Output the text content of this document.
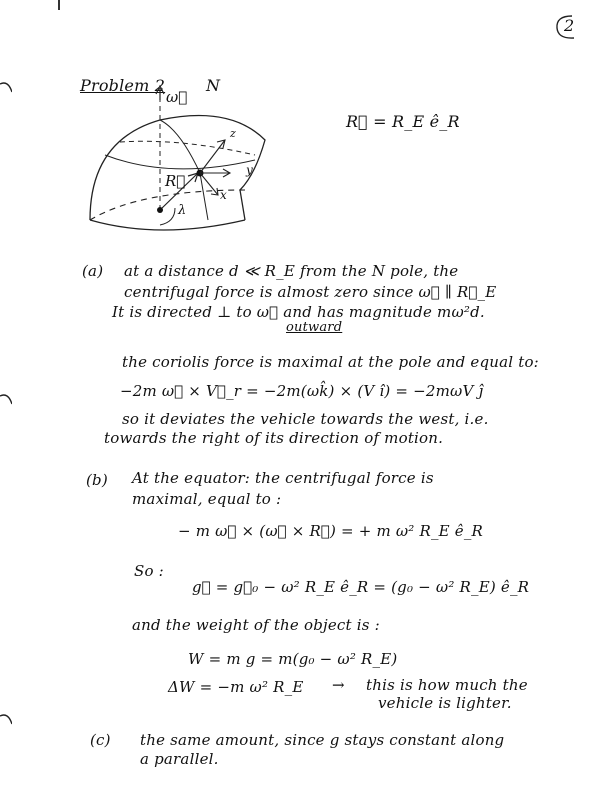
2
Problem 2	N
ω⃗
R⃗
z
y
x
λ
R⃗ = R_E ê_R
(a) at a distance d ≪ R_E from the N pole, the
centrifugal force is almost zero since ω⃗ ∥ R⃗_E
It is directed ⊥ to ω⃗ and has magnitude mω²d.
outward
the coriolis force is maximal at the pole and equal to:
−2m ω⃗ × V⃗_r = −2m(ωk̂) × (V î) = −2mωV ĵ
so it deviates the vehicle towards the west, i.e.
towards the right of its direction of motion.
(b) At the equator: the centrifugal force is
maximal, equal to :
− m ω⃗ × (ω⃗ × R⃗) = + m ω² R_E ê_R
So :
g⃗ = g⃗₀ − ω² R_E ê_R = (g₀ − ω² R_E) ê_R
and the weight of the object is :
W = m g = m(g₀ − ω² R_E)
ΔW = −m ω² R_E → this is how much the
vehicle is lighter.
(c) the same amount, since g stays constant along
a parallel.
